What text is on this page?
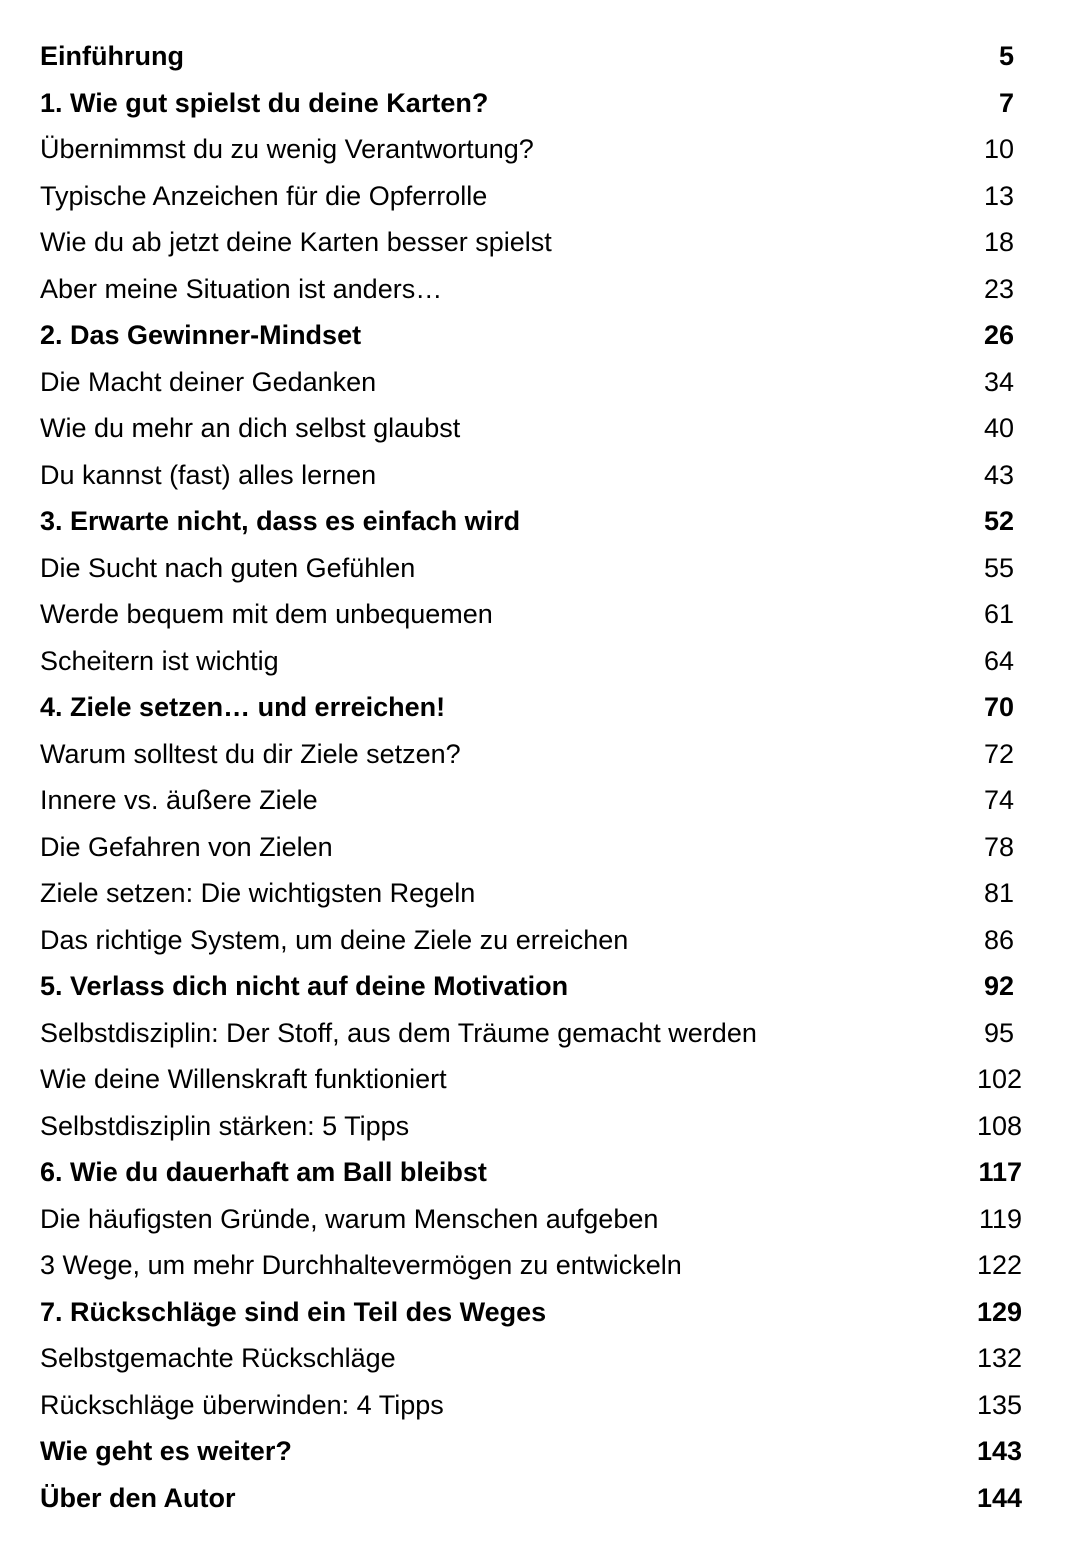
Einführung	5
1. Wie gut spielst du deine Karten?	7
Übernimmst du zu wenig Verantwortung?	10
Typische Anzeichen für die Opferrolle	13
Wie du ab jetzt deine Karten besser spielst	18
Aber meine Situation ist anders…	23
2. Das Gewinner-Mindset	26
Die Macht deiner Gedanken	34
Wie du mehr an dich selbst glaubst	40
Du kannst (fast) alles lernen	43
3. Erwarte nicht, dass es einfach wird	52
Die Sucht nach guten Gefühlen	55
Werde bequem mit dem unbequemen	61
Scheitern ist wichtig	64
4. Ziele setzen… und erreichen!	70
Warum solltest du dir Ziele setzen?	72
Innere vs. äußere Ziele	74
Die Gefahren von Zielen	78
Ziele setzen: Die wichtigsten Regeln	81
Das richtige System, um deine Ziele zu erreichen	86
5. Verlass dich nicht auf deine Motivation	92
Selbstdisziplin: Der Stoff, aus dem Träume gemacht werden	95
Wie deine Willenskraft funktioniert	102
Selbstdisziplin stärken: 5 Tipps	108
6. Wie du dauerhaft am Ball bleibst	117
Die häufigsten Gründe, warum Menschen aufgeben	119
3 Wege, um mehr Durchhaltevermögen zu entwickeln	122
7. Rückschläge sind ein Teil des Weges	129
Selbstgemachte Rückschläge	132
Rückschläge überwinden: 4 Tipps	135
Wie geht es weiter?	143
Über den Autor	144
